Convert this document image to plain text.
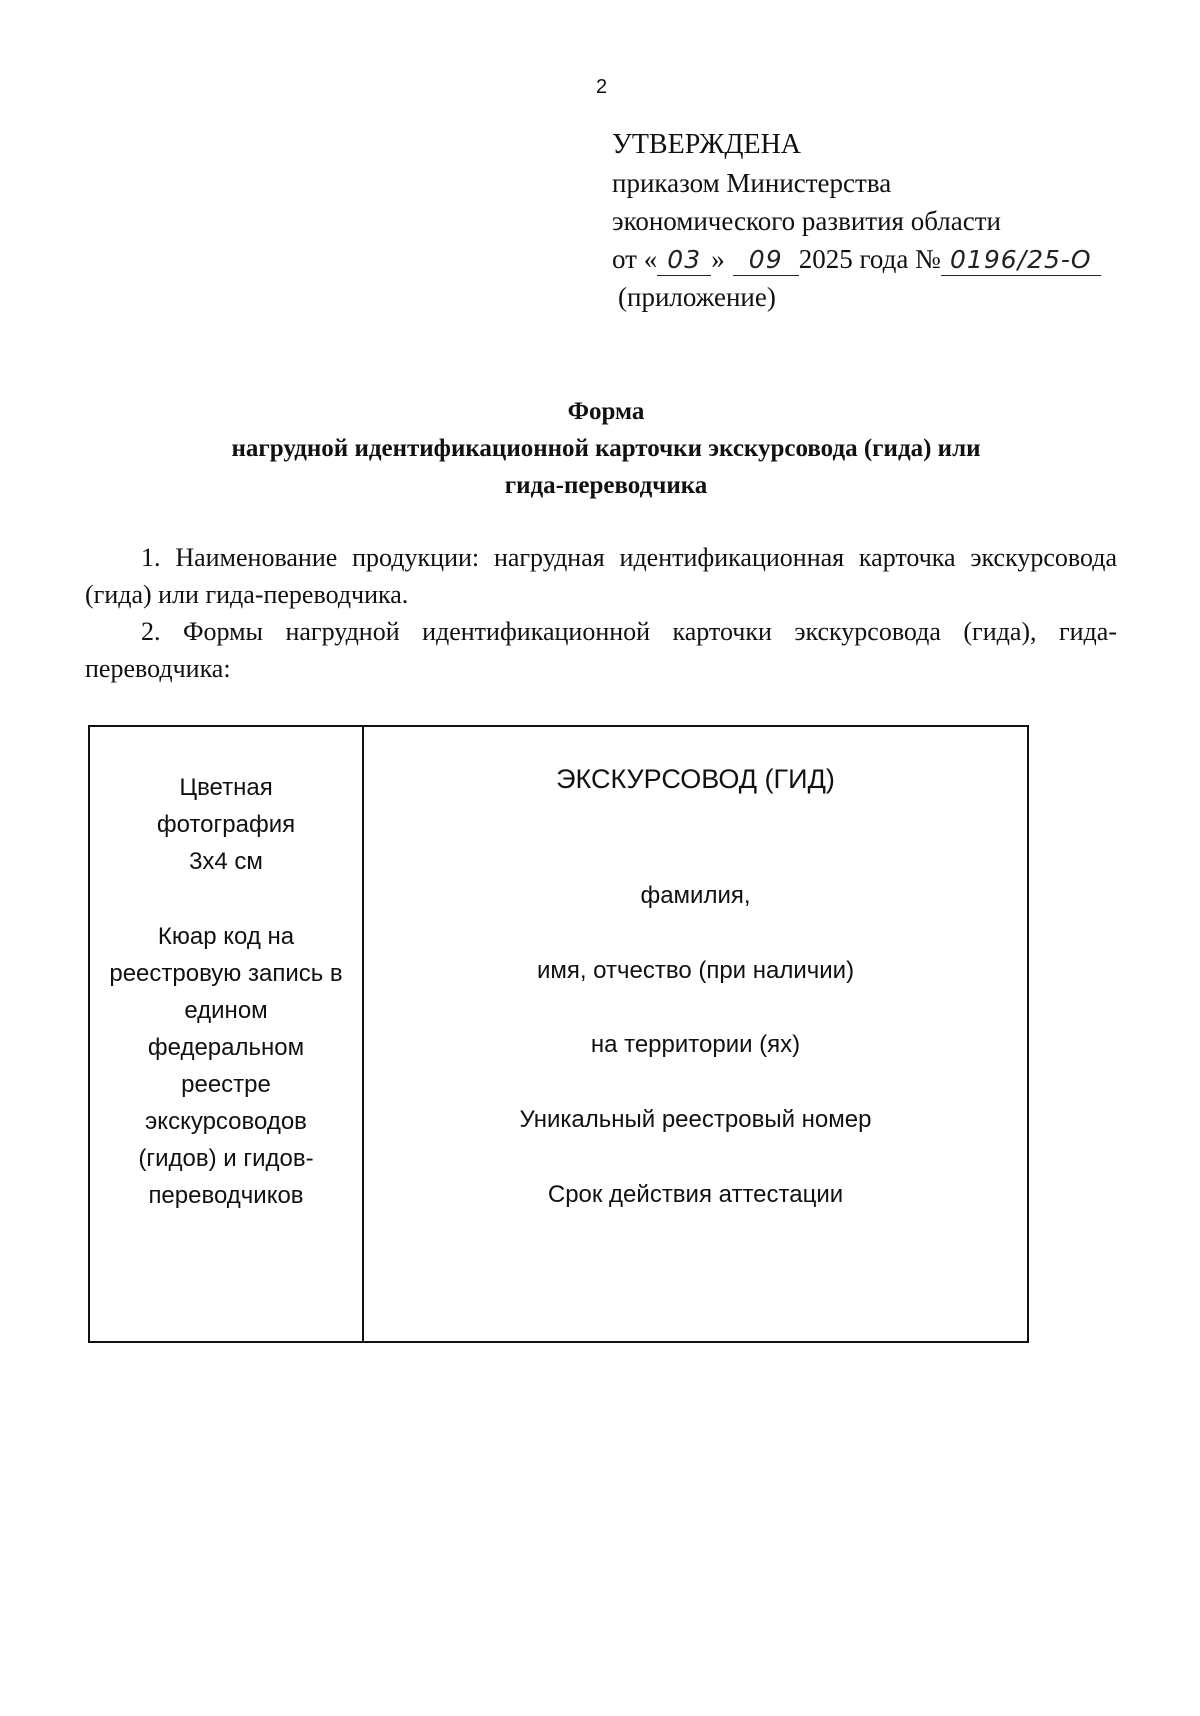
2
УТВЕРЖДЕНА
приказом Министерства
экономического развития области
от « 03 » 09 2025 года № 0196/25-О
(приложение)
Форма
нагрудной идентификационной карточки экскурсовода (гида) или
гида-переводчика
1. Наименование продукции: нагрудная идентификационная карточка экскурсовода (гида) или гида-переводчика.
2. Формы нагрудной идентификационной карточки экскурсовода (гида), гида-переводчика:
Цветная
фотография
3х4 см
Кюар код на
реестровую запись в
едином
федеральном
реестре
экскурсоводов
(гидов) и гидов-
переводчиков
ЭКСКУРСОВОД (ГИД)
фамилия,
имя, отчество (при наличии)
на территории (ях)
Уникальный реестровый номер
Срок действия аттестации
